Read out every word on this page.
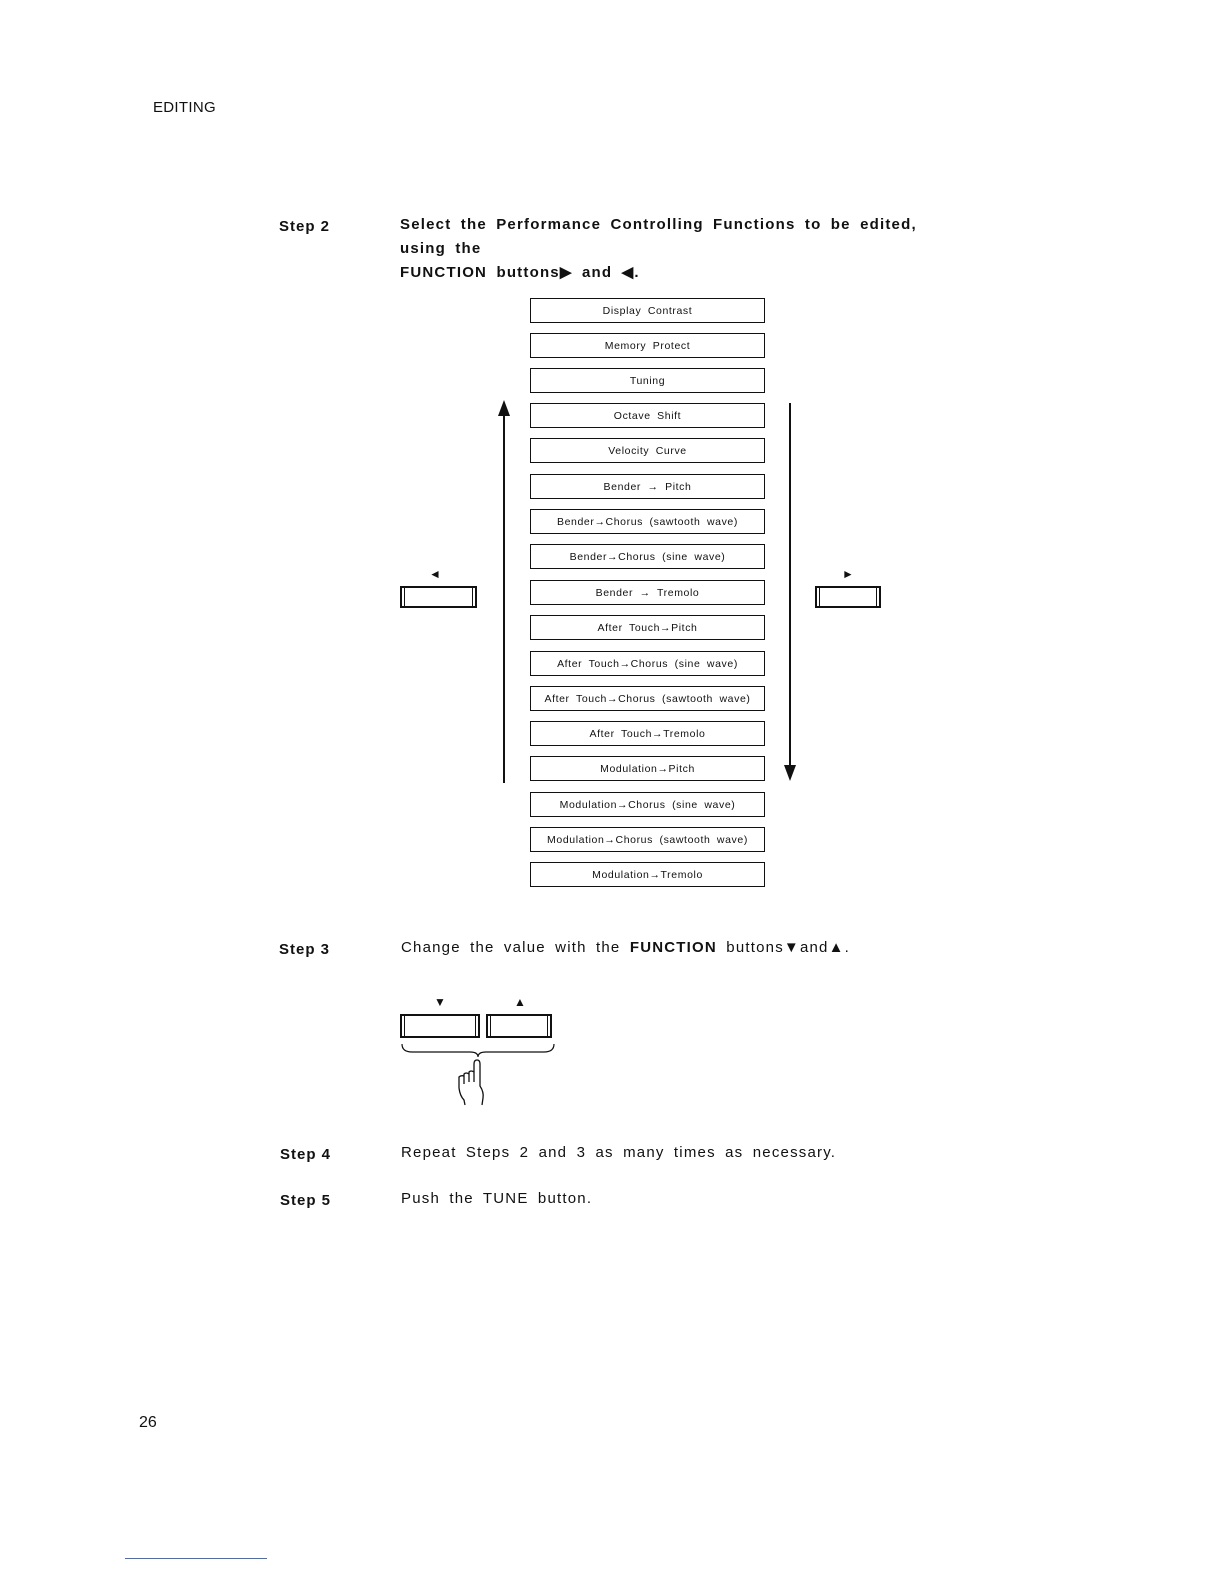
EDITING
Step 2	Select the Performance Controlling Functions to be edited, using the
FUNCTION buttons▶ and ◀.
Display Contrast
Memory Protect
Tuning
Octave Shift
Velocity Curve
Bender → Pitch
Bender→Chorus (sawtooth wave)
Bender→Chorus (sine wave)
Bender → Tremolo
After Touch→Pitch
After Touch→Chorus (sine wave)
After Touch→Chorus (sawtooth wave)
After Touch→Tremolo
Modulation→Pitch
Modulation→Chorus (sine wave)
Modulation→Chorus (sawtooth wave)
Modulation→Tremolo
◄	►
Step 3	Change the value with the FUNCTION buttons▼and▲.
▼	▲
Step 4	Repeat Steps 2 and 3 as many times as necessary.
Step 5	Push the TUNE button.
26
